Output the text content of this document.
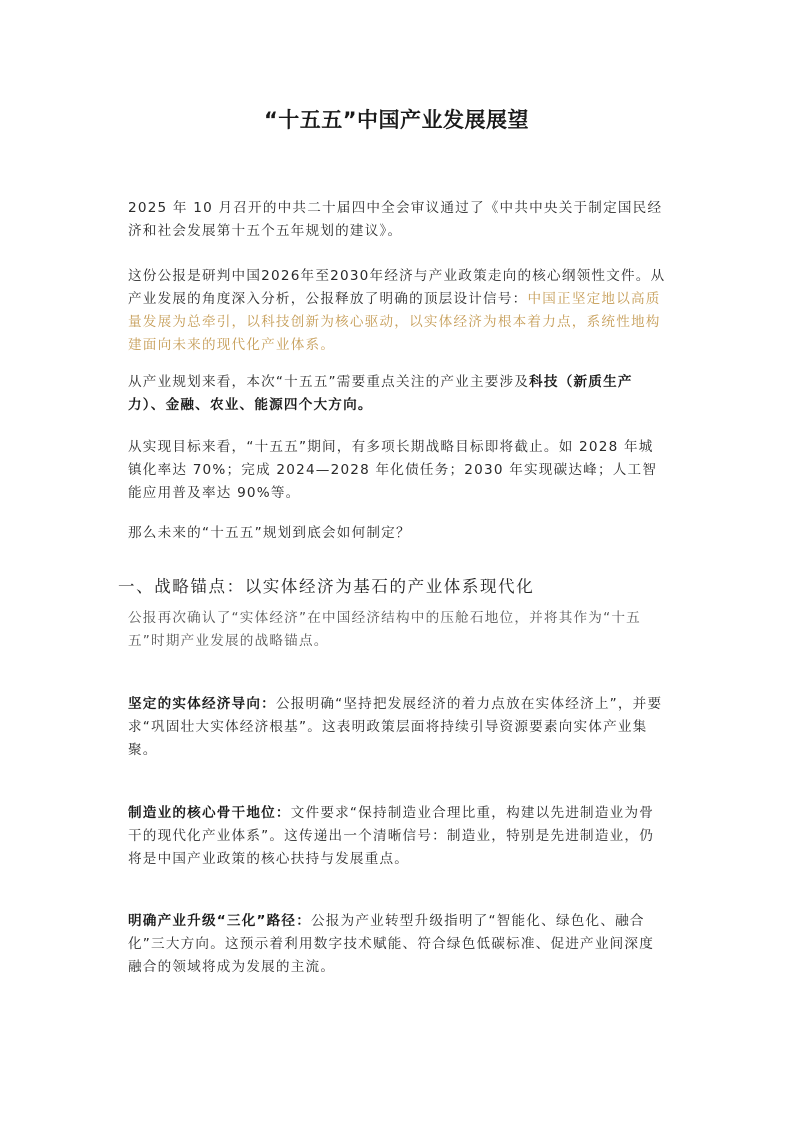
“十五五”中国产业发展展望
2025 年 10 月召开的中共二十届四中全会审议通过了《中共中央关于制定国民经济和社会发展第十五个五年规划的建议》。
这份公报是研判中国2026年至2030年经济与产业政策走向的核心纲领性文件。从产业发展的角度深入分析，公报释放了明确的顶层设计信号：中国正坚定地以高质量发展为总牵引，以科技创新为核心驱动，以实体经济为根本着力点，系统性地构建面向未来的现代化产业体系。
从产业规划来看，本次“十五五”需要重点关注的产业主要涉及科技（新质生产力）、金融、农业、能源四个大方向。
从实现目标来看，“十五五”期间，有多项长期战略目标即将截止。如 2028 年城镇化率达 70%；完成 2024—2028 年化债任务；2030 年实现碳达峰；人工智能应用普及率达 90%等。
那么未来的“十五五”规划到底会如何制定？
一、战略锚点：以实体经济为基石的产业体系现代化
公报再次确认了“实体经济”在中国经济结构中的压舱石地位，并将其作为“十五五”时期产业发展的战略锚点。
坚定的实体经济导向：公报明确“坚持把发展经济的着力点放在实体经济上”，并要求“巩固壮大实体经济根基”。这表明政策层面将持续引导资源要素向实体产业集聚。
制造业的核心骨干地位：文件要求“保持制造业合理比重，构建以先进制造业为骨干的现代化产业体系”。这传递出一个清晰信号：制造业，特别是先进制造业，仍将是中国产业政策的核心扶持与发展重点。
明确产业升级“三化”路径：公报为产业转型升级指明了“智能化、绿色化、融合化”三大方向。这预示着利用数字技术赋能、符合绿色低碳标准、促进产业间深度融合的领域将成为发展的主流。
